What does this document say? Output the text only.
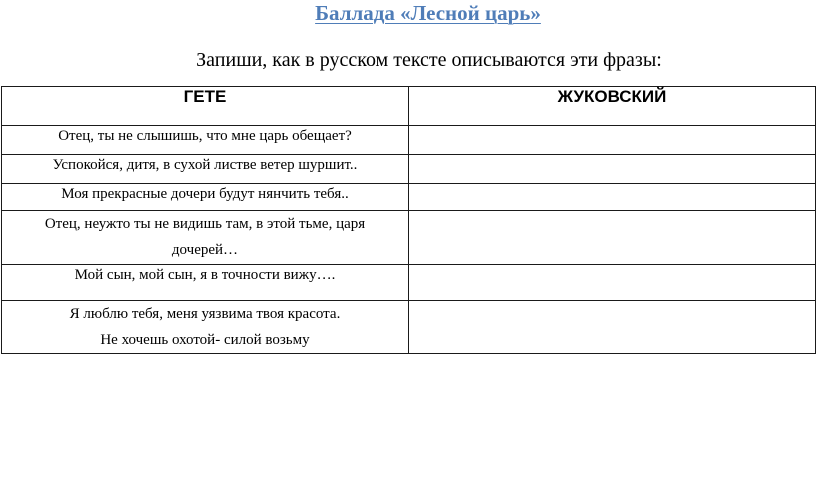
Баллада «Лесной царь»
Запиши, как в русском тексте описываются эти фразы:
ГЕТЕ	ЖУКОВСКИЙ

Отец, ты не слышишь, что мне царь обещает?	

Успокойся, дитя, в сухой листве ветер шуршит..	

Моя прекрасные дочери будут нянчить тебя..	

Отец, неужто ты не видишь там, в этой тьме, царя
дочерей…	

Мой сын, мой сын, я в точности вижу….	

Я люблю тебя, меня уязвима твоя красота.
Не хочешь охотой- силой возьму	
